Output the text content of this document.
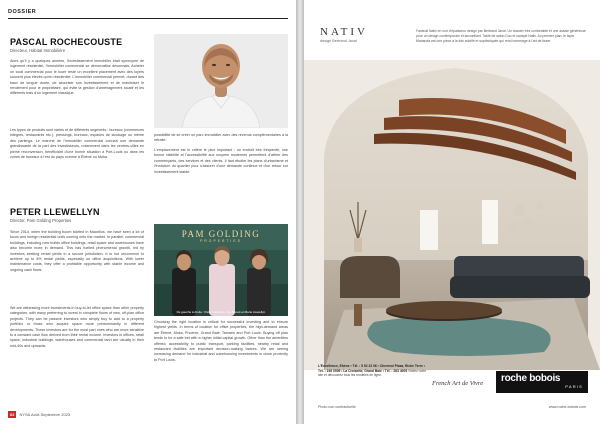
DOSSIER
PASCAL ROCHECOUSTE
Directeur, Habitat Immobilière

Alors qu'il y a quelques années, l'investissement immobilier était synonyme de logement résidentiel, l'immobilier commercial se démocratise désormais. Acheter un local commercial pour le louer reste un excellent placement avec des loyers souvent plus élevés qu'en résidentiel. L'immobilier commercial permet, durant des baux de longue durée, de sécuriser son investissement et de maximiser le rendement pour le propriétaire, qui évite la gestion d'aménagement locatif et les différents frais d'un logement classique.

Les types de produits sont variés et de différents segments : bureaux (commerces intégrés, restaurants etc.), pressings, bureaux, espaces de stockage ou même des parkings. Le marché de l'immobilier commercial connaît une demande grandissante de la part des investisseurs, notamment dans les centres-villes en pleine reconversion, bénéficiant d'une bonne situation à Port-Louis ou dans les zones de bureaux à l'est du pays comme à Ébène ou Moka.

possibilité de se créer un parc immobilier avec des revenus complémentaires à la retraite.

L'emplacement est le critère le plus important : un endroit très fréquenté, une bonne visibilité et l'accessibilité aux moyens modernes permettent d'attirer des commerçants, des services et des clients. Il faut étudier les plans d'urbanisme et l'évolution du quartier pour s'assurer d'une demande continue et d'un retour sur investissement stable.

PETER LLEWELLYN
Director, Pam Golding Properties

Since 2014, when the building boom started in Mauritius, we have seen a lot of focus and foreign residential units coming onto the market. In parallel, commercial buildings, including new builds office buildings, retail space and warehouses have also become more in demand. This has fuelled phenomenal growth, led by investors seeking rental yields in a secure jurisdiction. It is not uncommon to achieve up to 8% rental yields, especially on office acquisitions. With lower maintenance costs, they offer a profitable opportunity with stable income and ongoing cash flows.

We are witnessing more investments in buy-to-let office space than other property categories, with many preferring to invest in complete floors of new, off-plan office projects. They can be passive investors who simply buy to add to a property portfolio or those who acquire space more predominantly in different developments. These investors are for the most part ones who are more sensitive to a constant cash flow derived from their rental income. Investors in offices, retail space, industrial buildings, warehouses and commercial land are usually in their mid-40s and upwards.

Choosing the right location is critical for successful investing and to ensure highest yields. In terms of location for office properties, the high-demand areas are Ébène, Moka, Phoenix, Grand Baie, Tamarin and Port Louis. Buying off plan tends to be a safe bet with a higher initial capital growth. Other than the amenities offered, accessibility to public transport, parking facilities, nearby retail and restaurant facilities are important decision-making factors. We are seeing increasing demand for industrial and warehousing investments in close proximity to Port Louis.

PAM GOLDING
PROPERTIES
De gauche à droite : Peter Llewellyn, Jay Benoit et Marie Llewellyn
62	NYSA Août-Septembre 2023
NATIV
design Bertrand Javal
Fauteuil Nativ en cuir d'épaisseur design par Bertrand Javal. Un dossier très confortable et une assise généreuse pour un design contemporain et accueillant. Table de salon Duo et canapé Nativ. Au premier plan, le tapis Manarola est une pièce à la fois subtile et sophistiquée qui rend hommage à l'art de tisser.
L'Excellence, Ebène • Tél. : 5 52 22 06 • Chevreul Plaza, Riche Terre • Tél. : 249 0505 • La Croisette, Grand Baie • Tél. : 263 4005 Visitez notre site et découvrez tous les modèles en ligne.
French Art de Vivre roche bobois
PARIS
Photo non contractuelle	www.roche-bobois.com
